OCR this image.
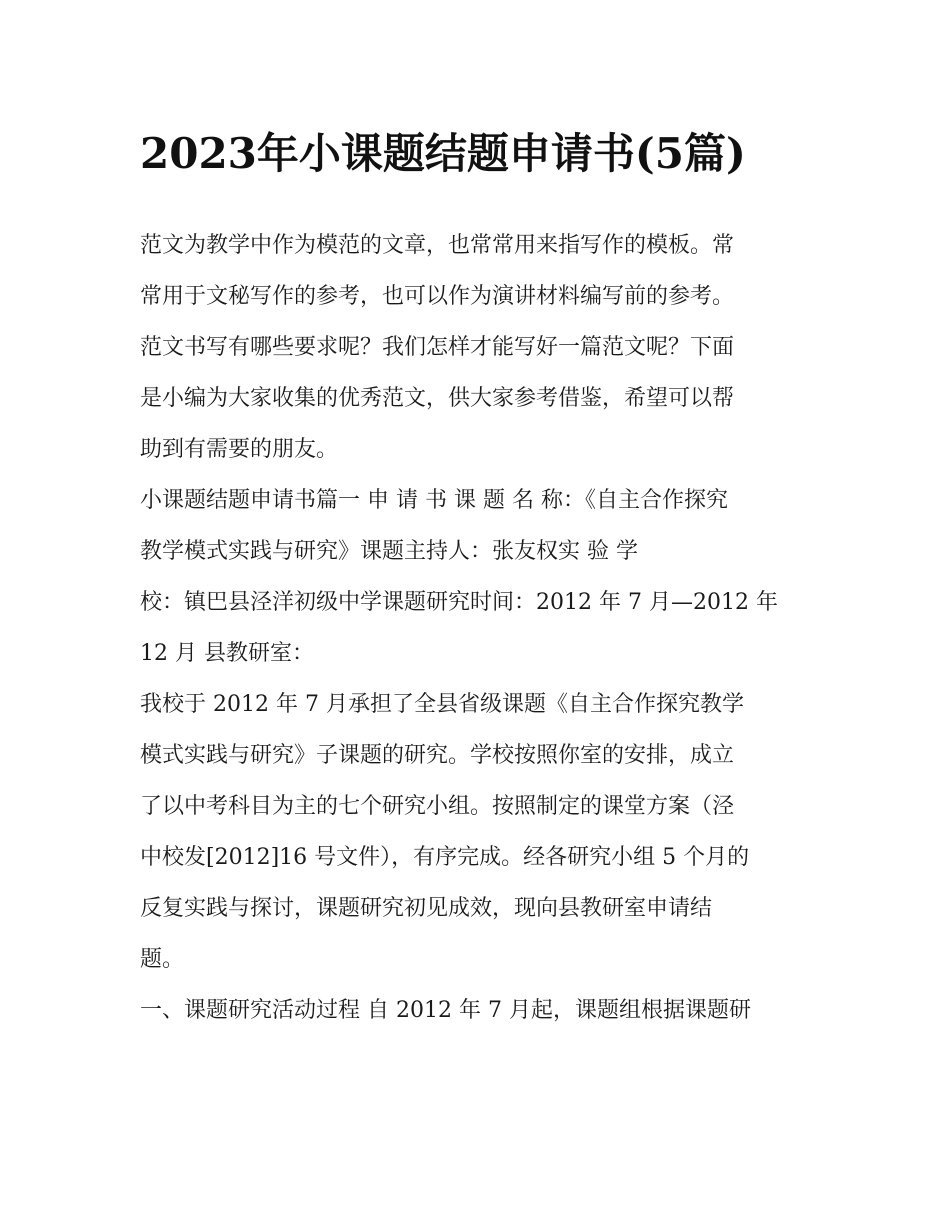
2023年小课题结题申请书(5篇)

范文为教学中作为模范的文章，也常常用来指写作的模板。常
常用于文秘写作的参考，也可以作为演讲材料编写前的参考。
范文书写有哪些要求呢？我们怎样才能写好一篇范文呢？下面
是小编为大家收集的优秀范文，供大家参考借鉴，希望可以帮
助到有需要的朋友。

小课题结题申请书篇一 申 请 书 课 题 名 称：《自主合作探究
教学模式实践与研究》课题主持人：张友权实 验 学
校：镇巴县泾洋初级中学课题研究时间：2012 年 7 月—2012 年
12 月 县教研室：

我校于 2012 年 7 月承担了全县省级课题《自主合作探究教学
模式实践与研究》子课题的研究。学校按照你室的安排，成立
了以中考科目为主的七个研究小组。按照制定的课堂方案（泾
中校发[2012]16 号文件），有序完成。经各研究小组 5 个月的
反复实践与探讨，课题研究初见成效，现向县教研室申请结
题。

一、课题研究活动过程 自 2012 年 7 月起，课题组根据课题研
